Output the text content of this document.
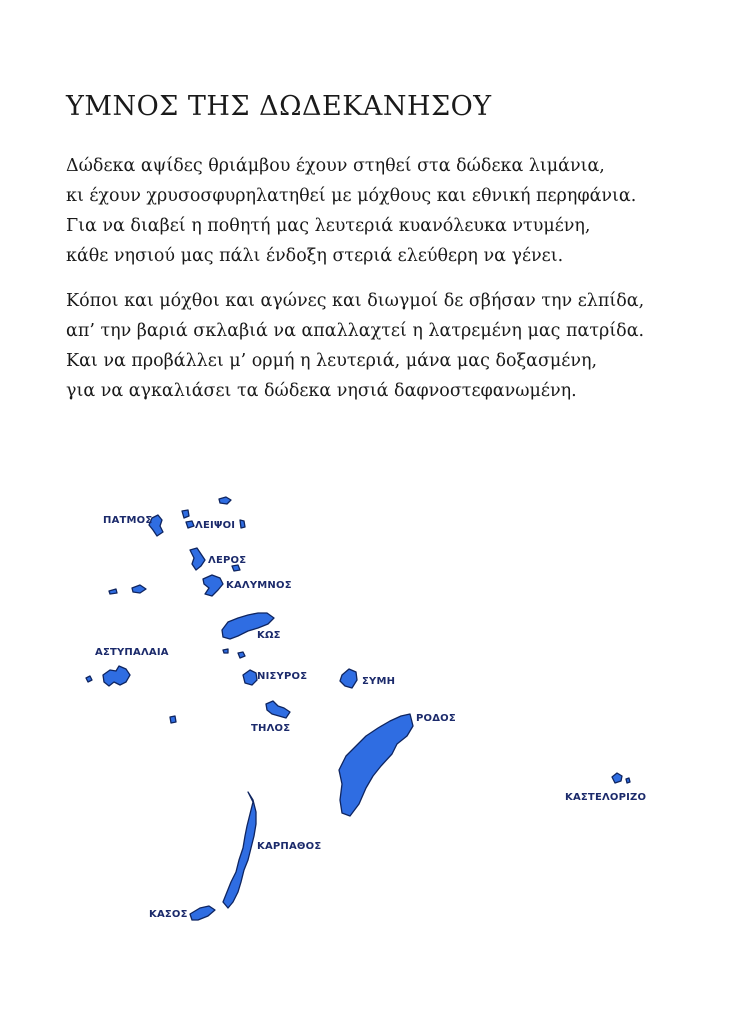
ΥΜΝΟΣ ΤΗΣ ΔΩΔΕΚΑΝΗΣΟΥ

Δώδεκα αψίδες θριάμβου έχουν στηθεί στα δώδεκα λιμάνια,
κι έχουν χρυσοσφυρηλατηθεί με μόχθους και εθνική περηφάνια.
Για να διαβεί η ποθητή μας λευτεριά κυανόλευκα ντυμένη,
κάθε νησιού μας πάλι ένδοξη στεριά ελεύθερη να γένει.

Κόποι και μόχθοι και αγώνες και διωγμοί δε σβήσαν την ελπίδα,
απ’ την βαριά σκλαβιά να απαλλαχτεί η λατρεμένη μας πατρίδα.
Και να προβάλλει μ’ ορμή η λευτεριά, μάνα μας δοξασμένη,
για να αγκαλιάσει τα δώδεκα νησιά δαφνοστεφανωμένη.

ΠΑΤΜΟΣ	ΛΕΙΨΟΙ
ΛΕΡΟΣ
ΚΑΛΥΜΝΟΣ
ΚΩΣ
ΑΣΤΥΠΑΛΑΙΑ
ΝΙΣΥΡΟΣ	ΣΥΜΗ
ΤΗΛΟΣ
ΡΟΔΟΣ
ΚΑΣΤΕΛΟΡΙΖΟ
ΚΑΡΠΑΘΟΣ
ΚΑΣΟΣ
